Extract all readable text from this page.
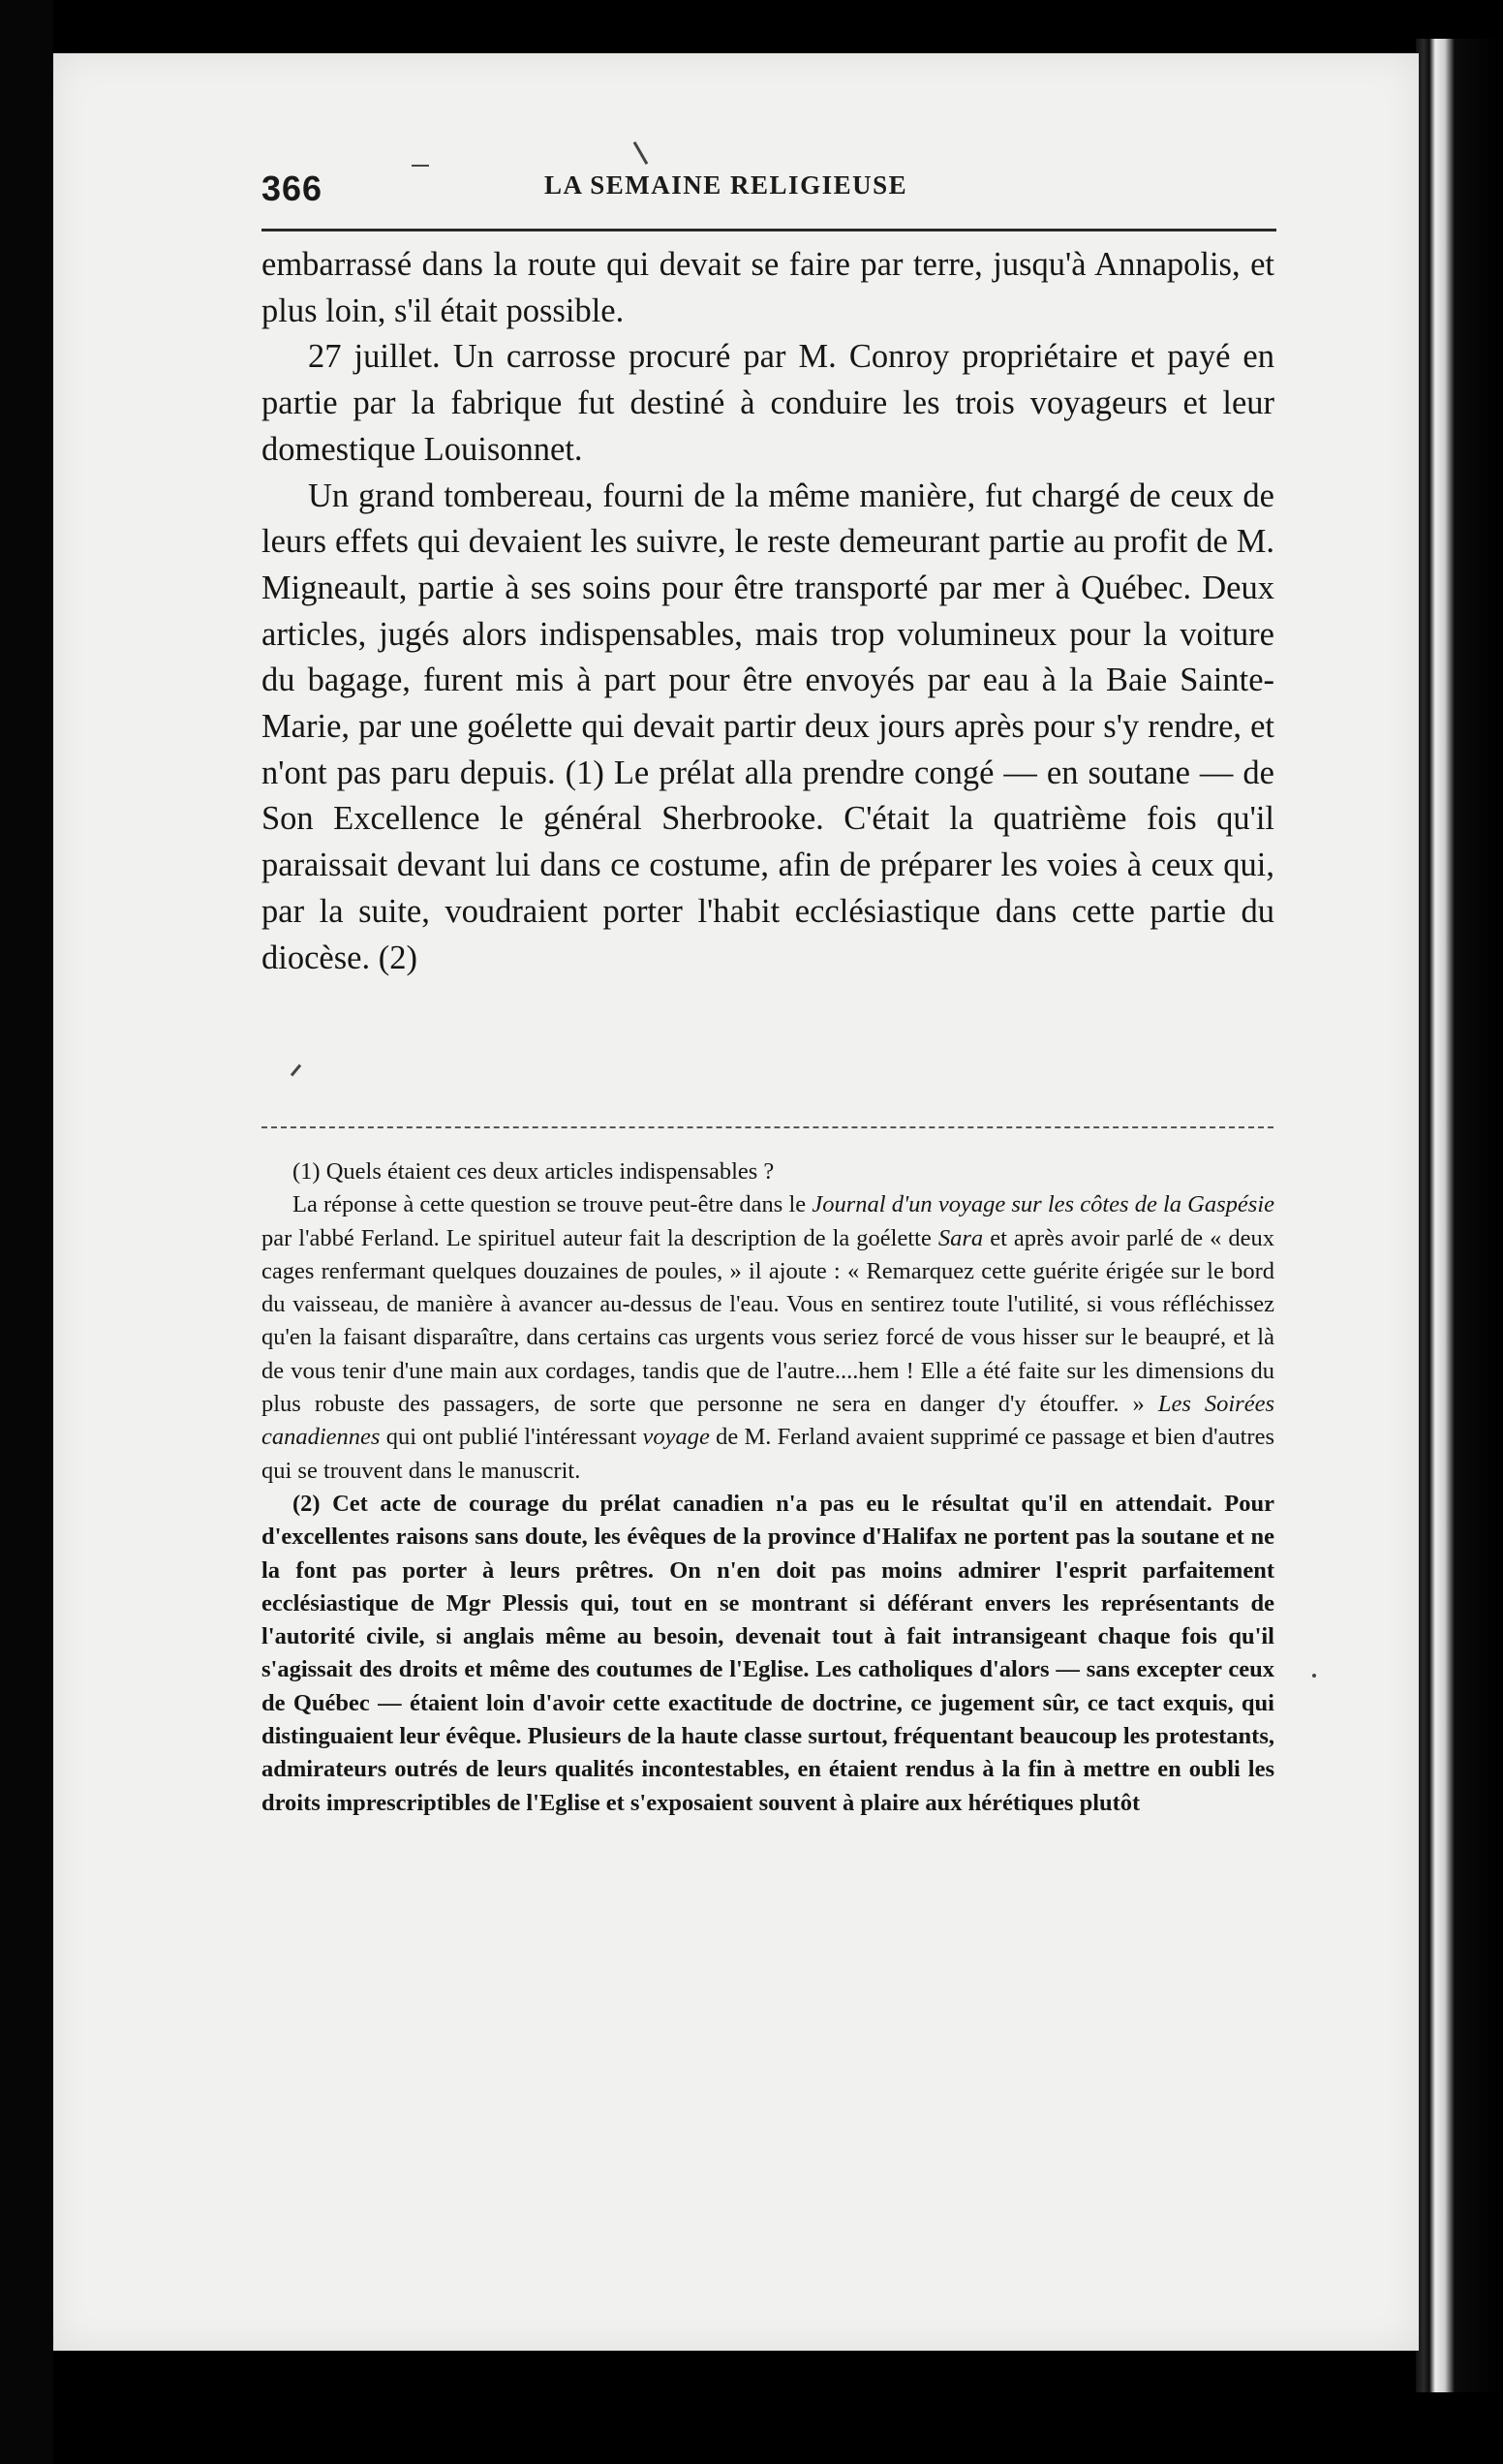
366	LA SEMAINE RELIGIEUSE

embarrassé dans la route qui devait se faire par terre, jusqu'à Annapolis, et plus loin, s'il était possible.

27 juillet. Un carrosse procuré par M. Conroy propriétaire et payé en partie par la fabrique fut destiné à conduire les trois voyageurs et leur domestique Louisonnet.

Un grand tombereau, fourni de la même manière, fut chargé de ceux de leurs effets qui devaient les suivre, le reste demeurant partie au profit de M. Migneault, partie à ses soins pour être transporté par mer à Québec. Deux articles, jugés alors indispensables, mais trop volumineux pour la voiture du bagage, furent mis à part pour être envoyés par eau à la Baie Sainte-Marie, par une goélette qui devait partir deux jours après pour s'y rendre, et n'ont pas paru depuis. (1) Le prélat alla prendre congé — en soutane — de Son Excellence le général Sherbrooke. C'était la quatrième fois qu'il paraissait devant lui dans ce costume, afin de préparer les voies à ceux qui, par la suite, voudraient porter l'habit ecclésiastique dans cette partie du diocèse. (2)

(1) Quels étaient ces deux articles indispensables ?

La réponse à cette question se trouve peut-être dans le Journal d'un voyage sur les côtes de la Gaspésie par l'abbé Ferland. Le spirituel auteur fait la description de la goélette Sara et après avoir parlé de « deux cages renfermant quelques douzaines de poules, » il ajoute : « Remarquez cette guérite érigée sur le bord du vaisseau, de manière à avancer au-dessus de l'eau. Vous en sentirez toute l'utilité, si vous réfléchissez qu'en la faisant disparaître, dans certains cas urgents vous seriez forcé de vous hisser sur le beaupré, et là de vous tenir d'une main aux cordages, tandis que de l'autre....hem ! Elle a été faite sur les dimensions du plus robuste des passagers, de sorte que personne ne sera en danger d'y étouffer. » Les Soirées canadiennes qui ont publié l'intéressant voyage de M. Ferland avaient supprimé ce passage et bien d'autres qui se trouvent dans le manuscrit.

(2) Cet acte de courage du prélat canadien n'a pas eu le résultat qu'il en attendait. Pour d'excellentes raisons sans doute, les évêques de la province d'Halifax ne portent pas la soutane et ne la font pas porter à leurs prêtres. On n'en doit pas moins admirer l'esprit parfaitement ecclésiastique de Mgr Plessis qui, tout en se montrant si déférant envers les représentants de l'autorité civile, si anglais même au besoin, devenait tout à fait intransigeant chaque fois qu'il s'agissait des droits et même des coutumes de l'Eglise. Les catholiques d'alors — sans excepter ceux de Québec — étaient loin d'avoir cette exactitude de doctrine, ce jugement sûr, ce tact exquis, qui distinguaient leur évêque. Plusieurs de la haute classe surtout, fréquentant beaucoup les protestants, admirateurs outrés de leurs qualités incontestables, en étaient rendus à la fin à mettre en oubli les droits imprescriptibles de l'Eglise et s'exposaient souvent à plaire aux hérétiques plutôt
